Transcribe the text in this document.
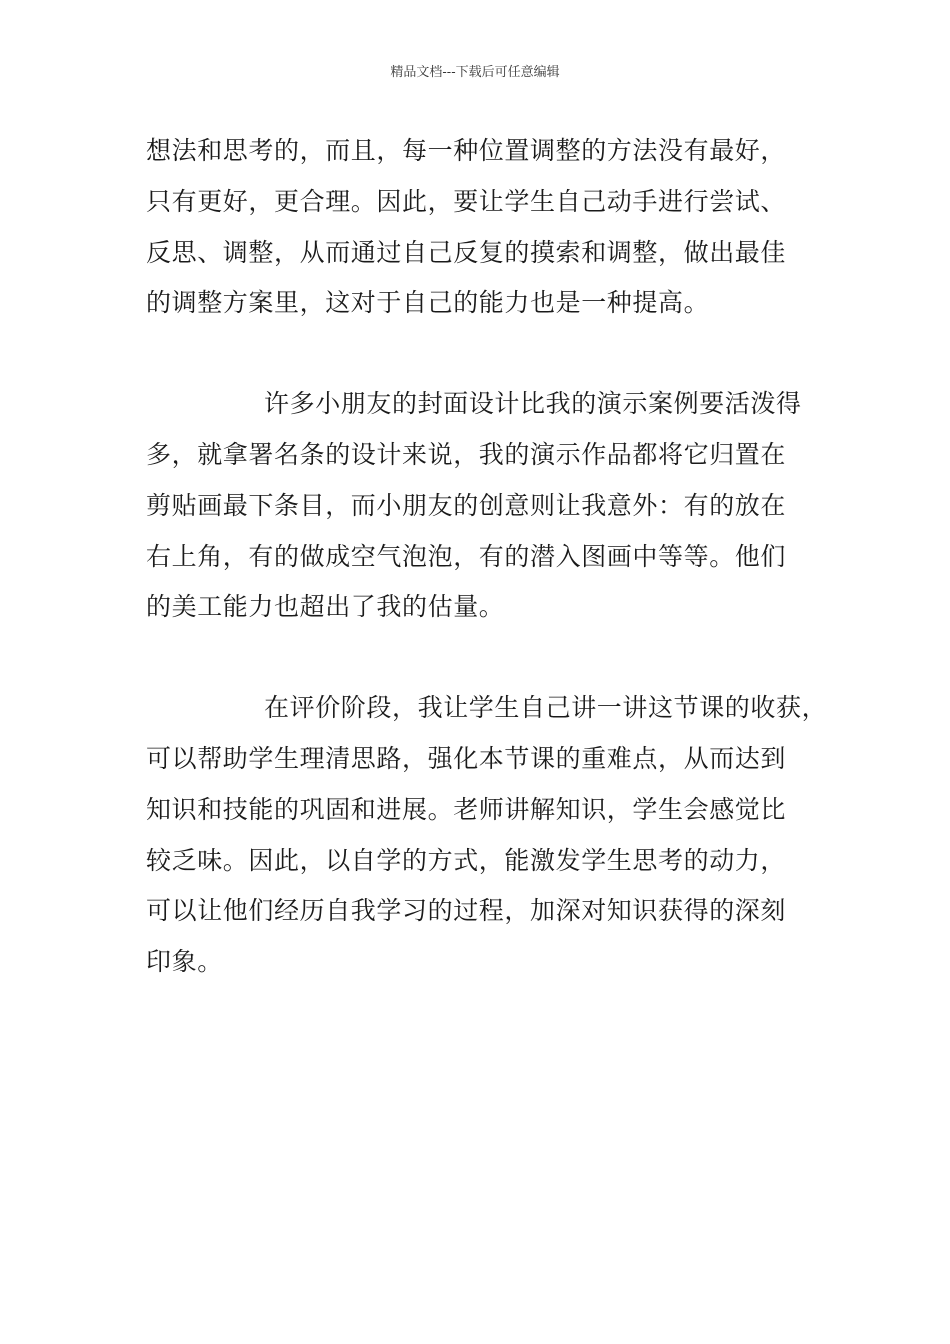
精品文档---下载后可任意编辑
想法和思考的，而且，每一种位置调整的方法没有最好，
只有更好，更合理。因此，要让学生自己动手进行尝试、
反思、调整，从而通过自己反复的摸索和调整，做出最佳
的调整方案里，这对于自己的能力也是一种提高。
许多小朋友的封面设计比我的演示案例要活泼得
多，就拿署名条的设计来说，我的演示作品都将它归置在
剪贴画最下条目，而小朋友的创意则让我意外：有的放在
右上角，有的做成空气泡泡，有的潜入图画中等等。他们
的美工能力也超出了我的估量。
在评价阶段，我让学生自己讲一讲这节课的收获，
可以帮助学生理清思路，强化本节课的重难点，从而达到
知识和技能的巩固和进展。老师讲解知识，学生会感觉比
较乏味。因此，以自学的方式，能激发学生思考的动力，
可以让他们经历自我学习的过程，加深对知识获得的深刻
印象。
